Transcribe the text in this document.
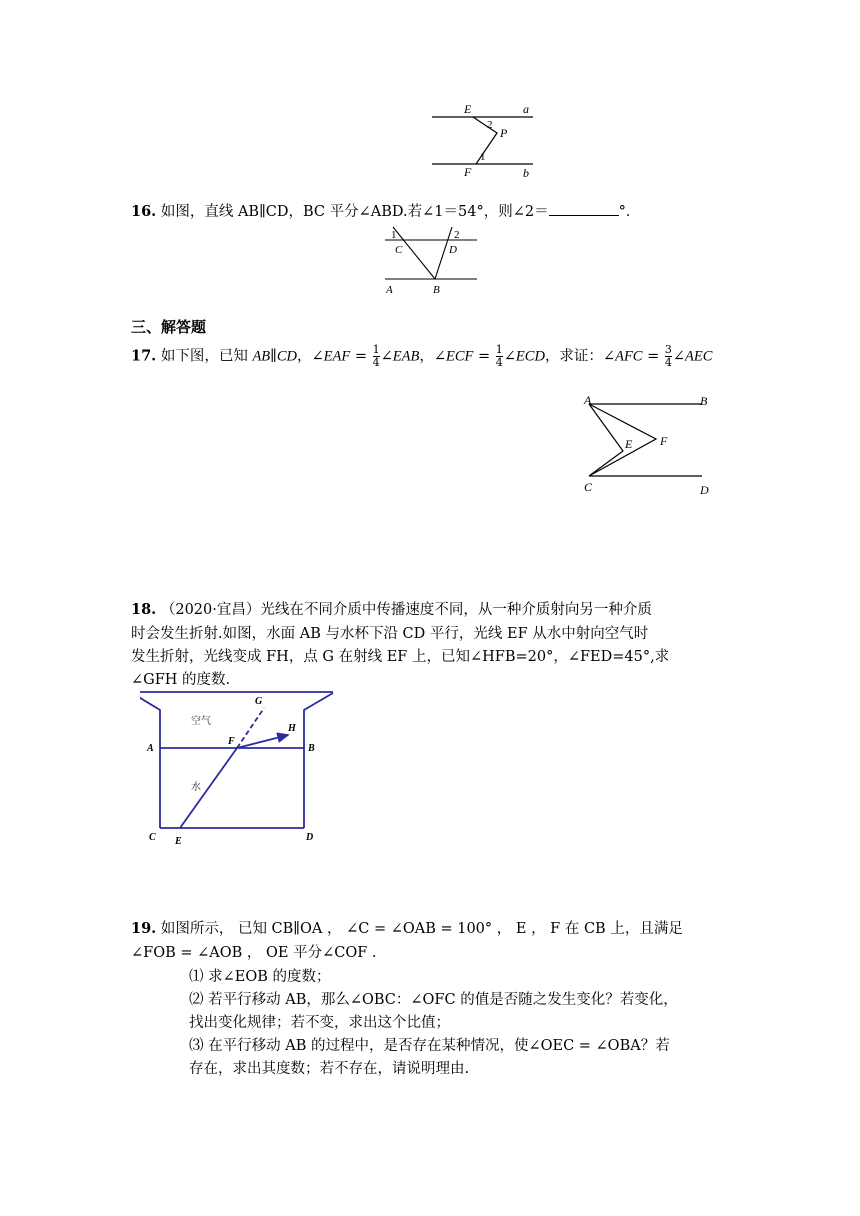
E	a
2
P
1
F	b
16. 如图，直线 AB∥CD，BC 平分∠ABD.若∠1＝54°，则∠2＝	°．
1
C
2
D
A	B
三、解答题
17. 如下图，已知 AB∥CD，∠EAF = $\frac{1}{4}$ ∠EAB，∠ECF = $\frac{1}{4}$ ∠ECD，求证：∠AFC = $\frac{3}{4}$ ∠AEC
A	B
E F
C	D
18. （2020·宜昌）光线在不同介质中传播速度不同，从一种介质射向另一种介质
时会发生折射.如图，水面 AB 与水杯下沿 CD 平行，光线 EF 从水中射向空气时
发生折射，光线变成 FH，点 G 在射线 EF 上，已知∠HFB=20°，∠FED=45°,求
∠GFH 的度数.
G
H
空气
F
A	B
水
C E	D
19. 如图所示， 已知 CB∥OA ， ∠C = ∠OAB = 100° ， E ， F 在 CB 上，且满足
∠FOB = ∠AOB ， OE 平分∠COF .
⑴ 求∠EOB 的度数；
⑵ 若平行移动 AB，那么∠OBC：∠OFC 的值是否随之发生变化？若变化，
找出变化规律；若不变，求出这个比值；
⑶ 在平行移动 AB 的过程中，是否存在某种情况，使∠OEC = ∠OBA？若
存在，求出其度数；若不存在，请说明理由.
